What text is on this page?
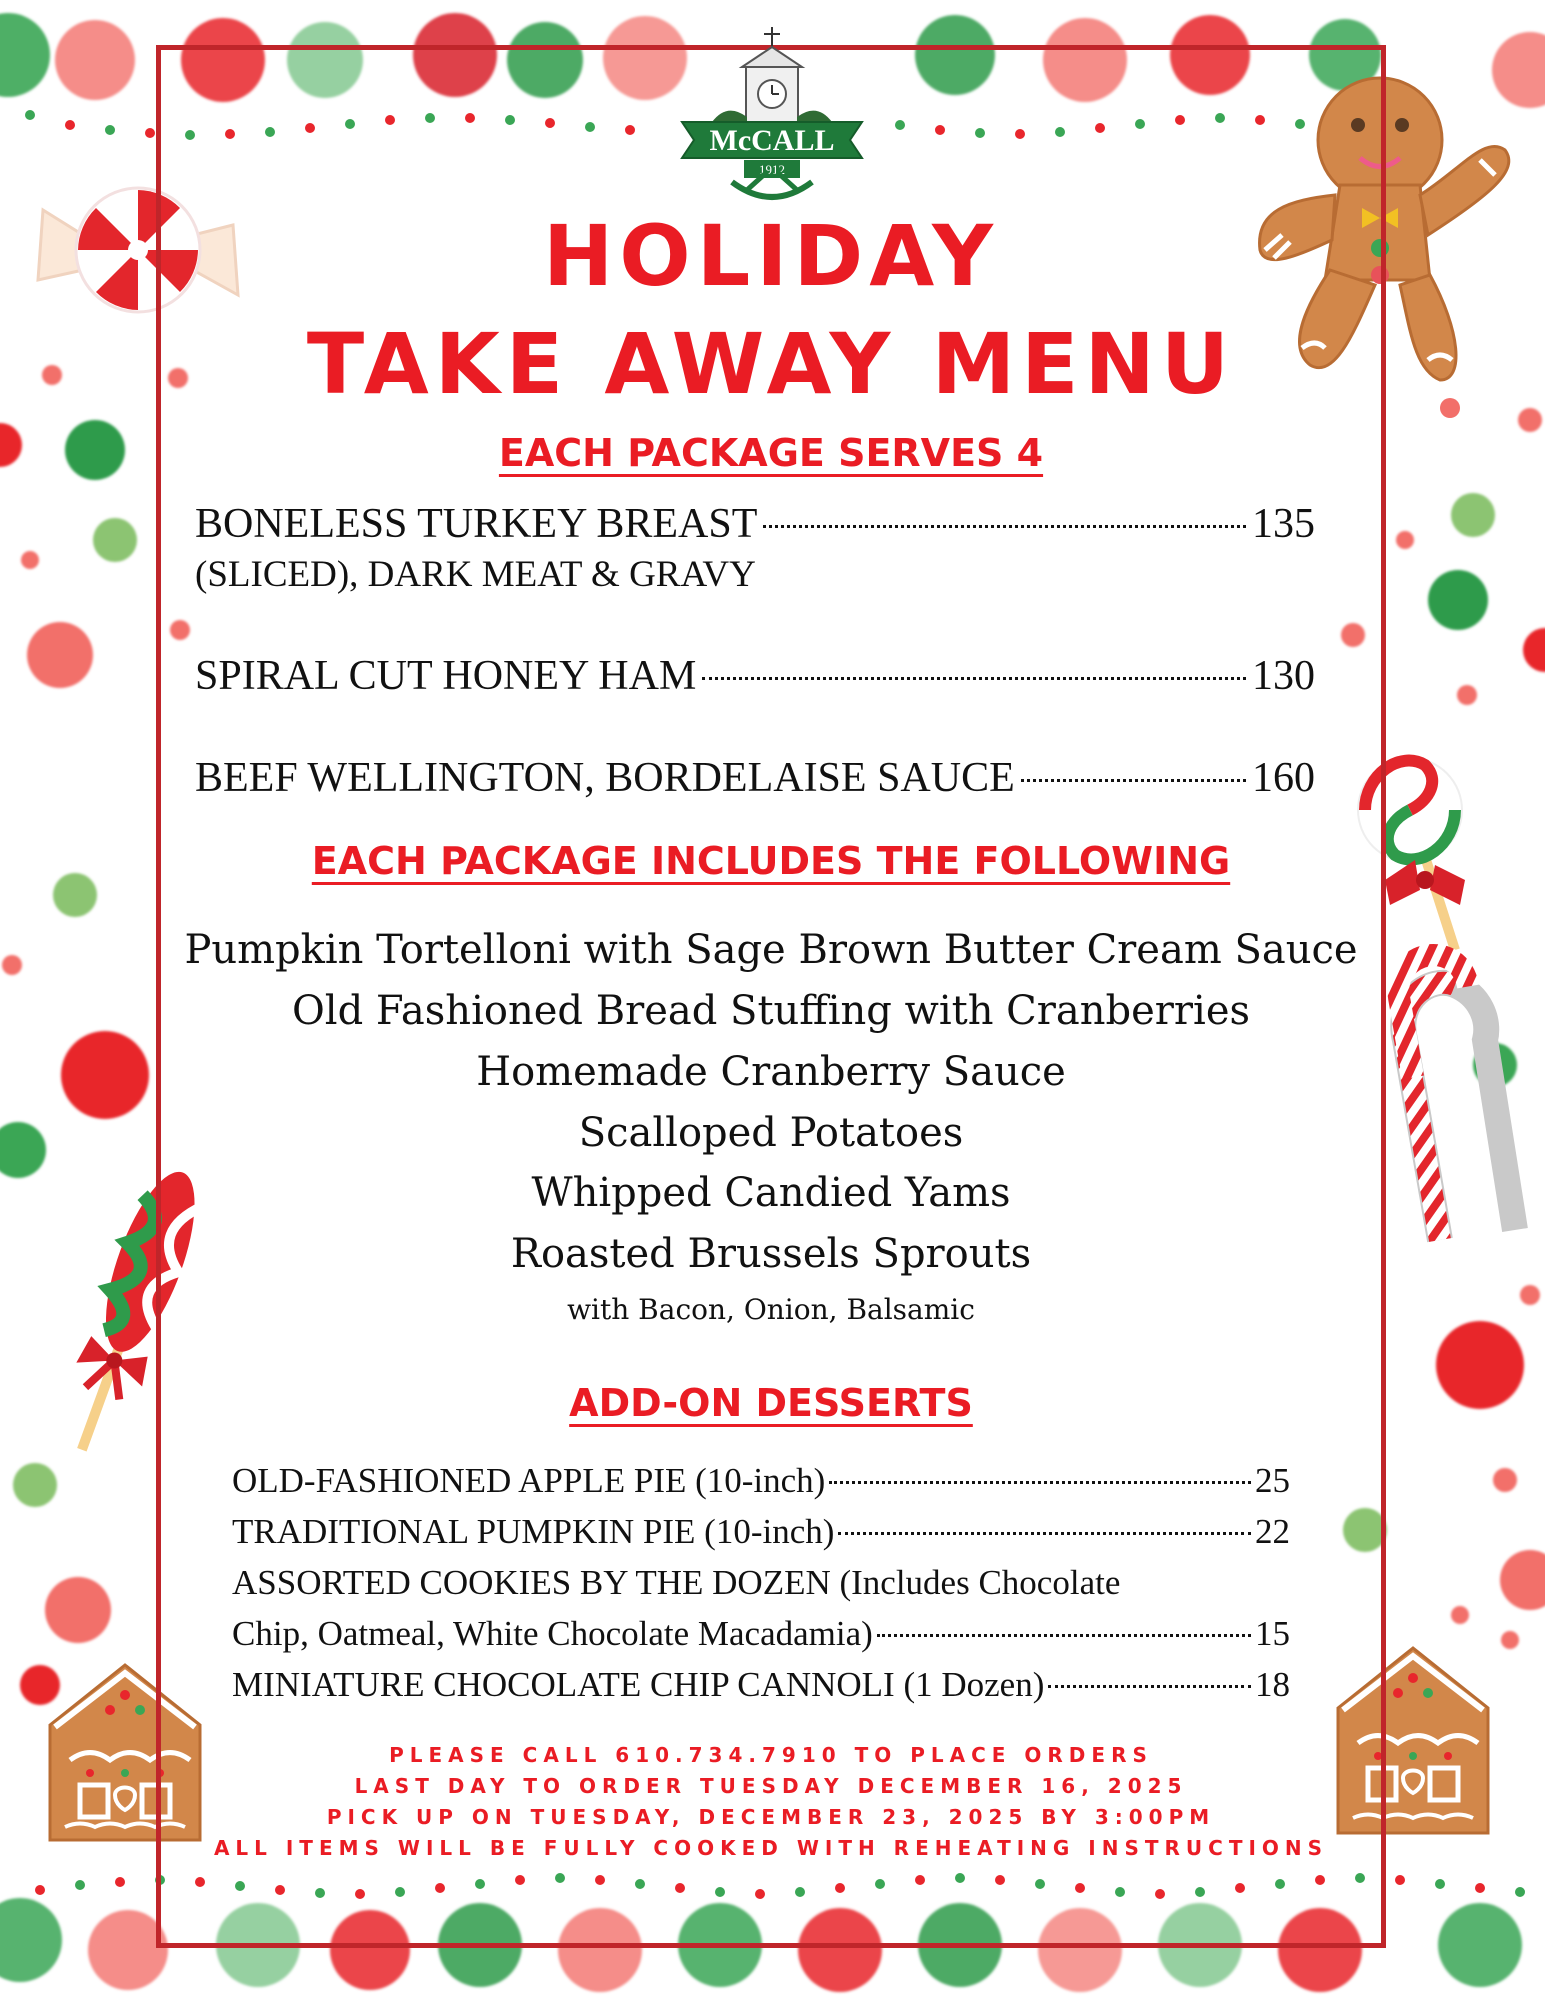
McCALL
1912
HOLIDAY
TAKE AWAY MENU
EACH PACKAGE SERVES 4
BONELESS TURKEY BREAST	135
(SLICED), DARK MEAT & GRAVY
SPIRAL CUT HONEY HAM	130
BEEF WELLINGTON, BORDELAISE SAUCE	160
EACH PACKAGE INCLUDES THE FOLLOWING
Pumpkin Tortelloni with Sage Brown Butter Cream Sauce
Old Fashioned Bread Stuffing with Cranberries
Homemade Cranberry Sauce
Scalloped Potatoes
Whipped Candied Yams
Roasted Brussels Sprouts
with Bacon, Onion, Balsamic
ADD-ON DESSERTS
OLD-FASHIONED APPLE PIE (10-inch)	25
TRADITIONAL PUMPKIN PIE (10-inch)	22
ASSORTED COOKIES BY THE DOZEN (Includes Chocolate
Chip, Oatmeal, White Chocolate Macadamia)	15
MINIATURE CHOCOLATE CHIP CANNOLI (1 Dozen)	18
PLEASE CALL 610.734.7910 TO PLACE ORDERS
LAST DAY TO ORDER TUESDAY DECEMBER 16, 2025
PICK UP ON TUESDAY, DECEMBER 23, 2025 BY 3:00PM
ALL ITEMS WILL BE FULLY COOKED WITH REHEATING INSTRUCTIONS
